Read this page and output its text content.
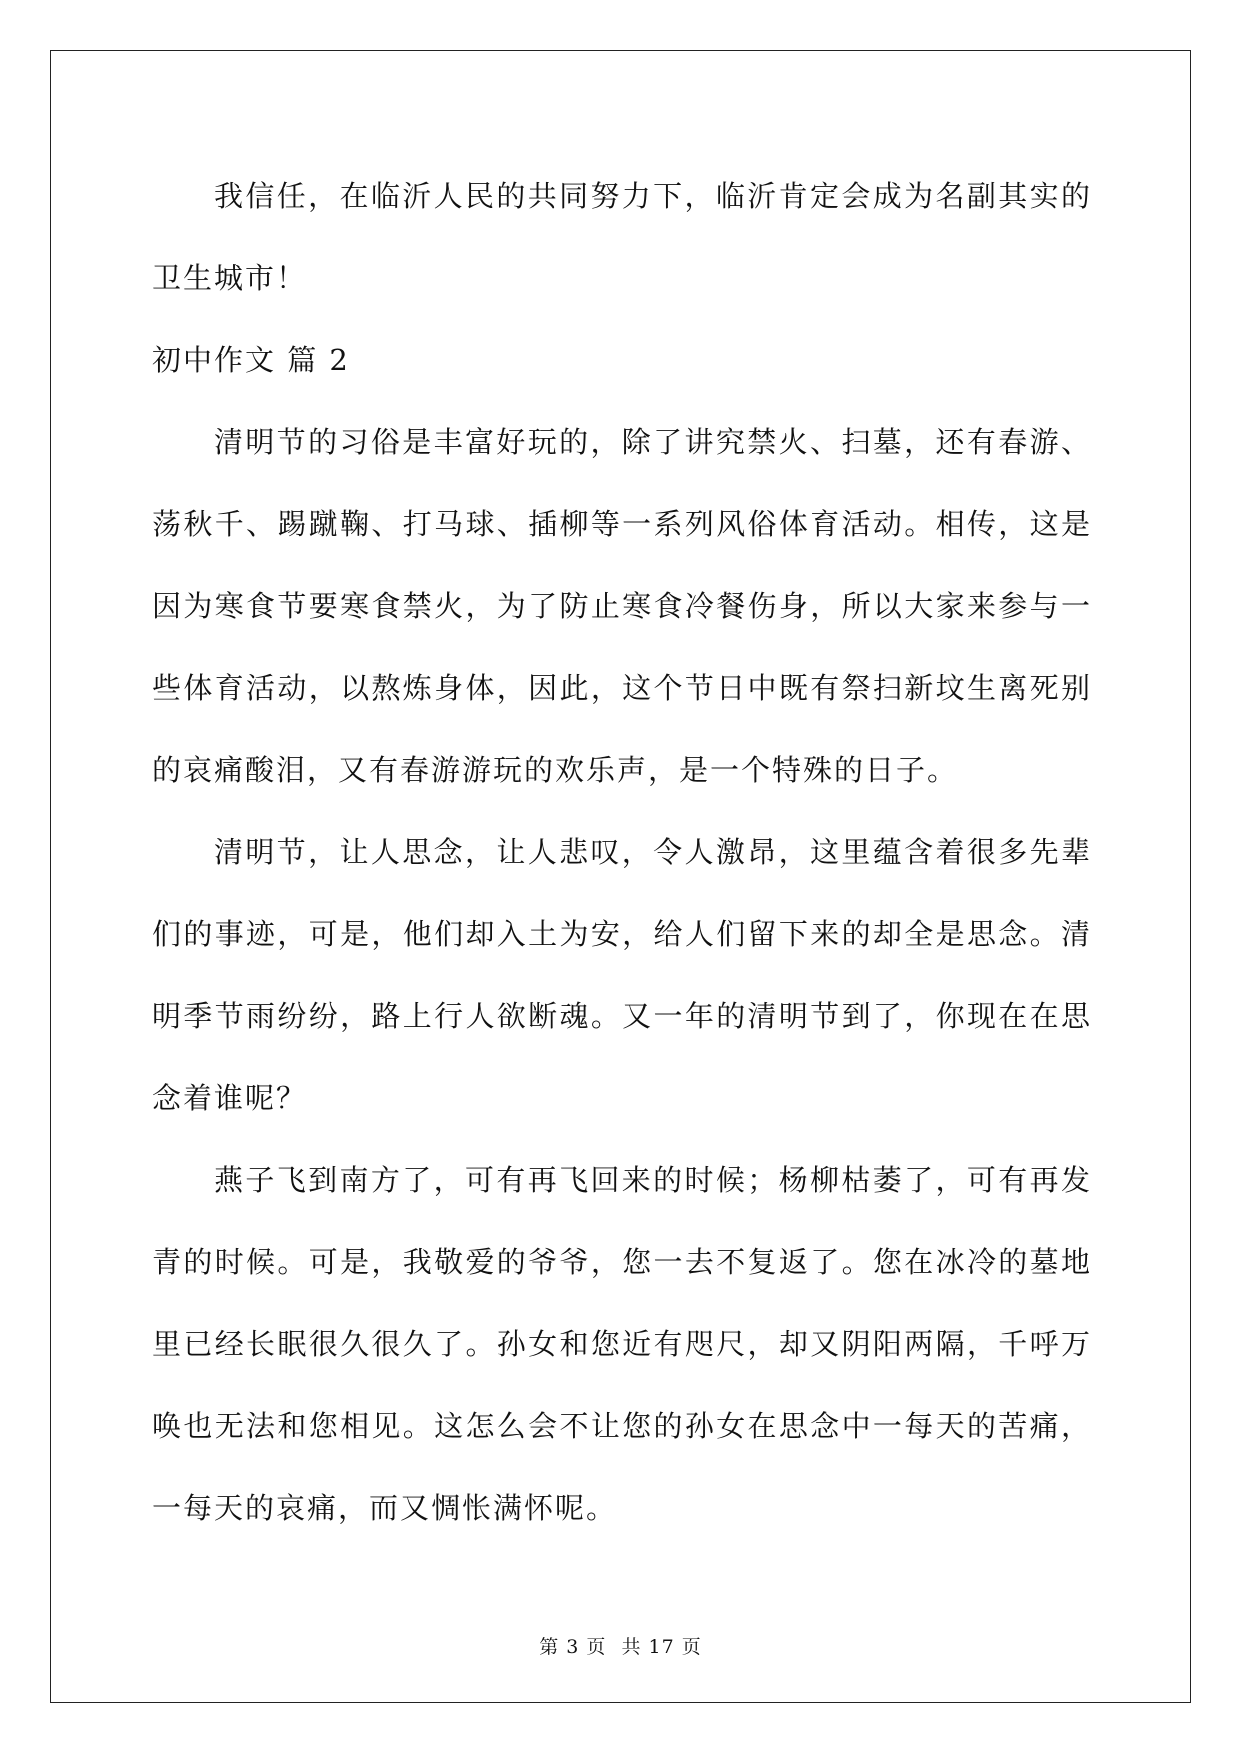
我信任，在临沂人民的共同努力下，临沂肯定会成为名副其实的
卫生城市！
初中作文 篇 2
清明节的习俗是丰富好玩的，除了讲究禁火、扫墓，还有春游、
荡秋千、踢蹴鞠、打马球、插柳等一系列风俗体育活动。相传，这是
因为寒食节要寒食禁火，为了防止寒食冷餐伤身，所以大家来参与一
些体育活动，以熬炼身体，因此，这个节日中既有祭扫新坟生离死别
的哀痛酸泪，又有春游游玩的欢乐声，是一个特殊的日子。
清明节，让人思念，让人悲叹，令人激昂，这里蕴含着很多先辈
们的事迹，可是，他们却入土为安，给人们留下来的却全是思念。清
明季节雨纷纷，路上行人欲断魂。又一年的清明节到了，你现在在思
念着谁呢？
燕子飞到南方了，可有再飞回来的时候；杨柳枯萎了，可有再发
青的时候。可是，我敬爱的爷爷，您一去不复返了。您在冰冷的墓地
里已经长眠很久很久了。孙女和您近有咫尺，却又阴阳两隔，千呼万
唤也无法和您相见。这怎么会不让您的孙女在思念中一每天的苦痛，
一每天的哀痛，而又惆怅满怀呢。
第 3 页 共 17 页
